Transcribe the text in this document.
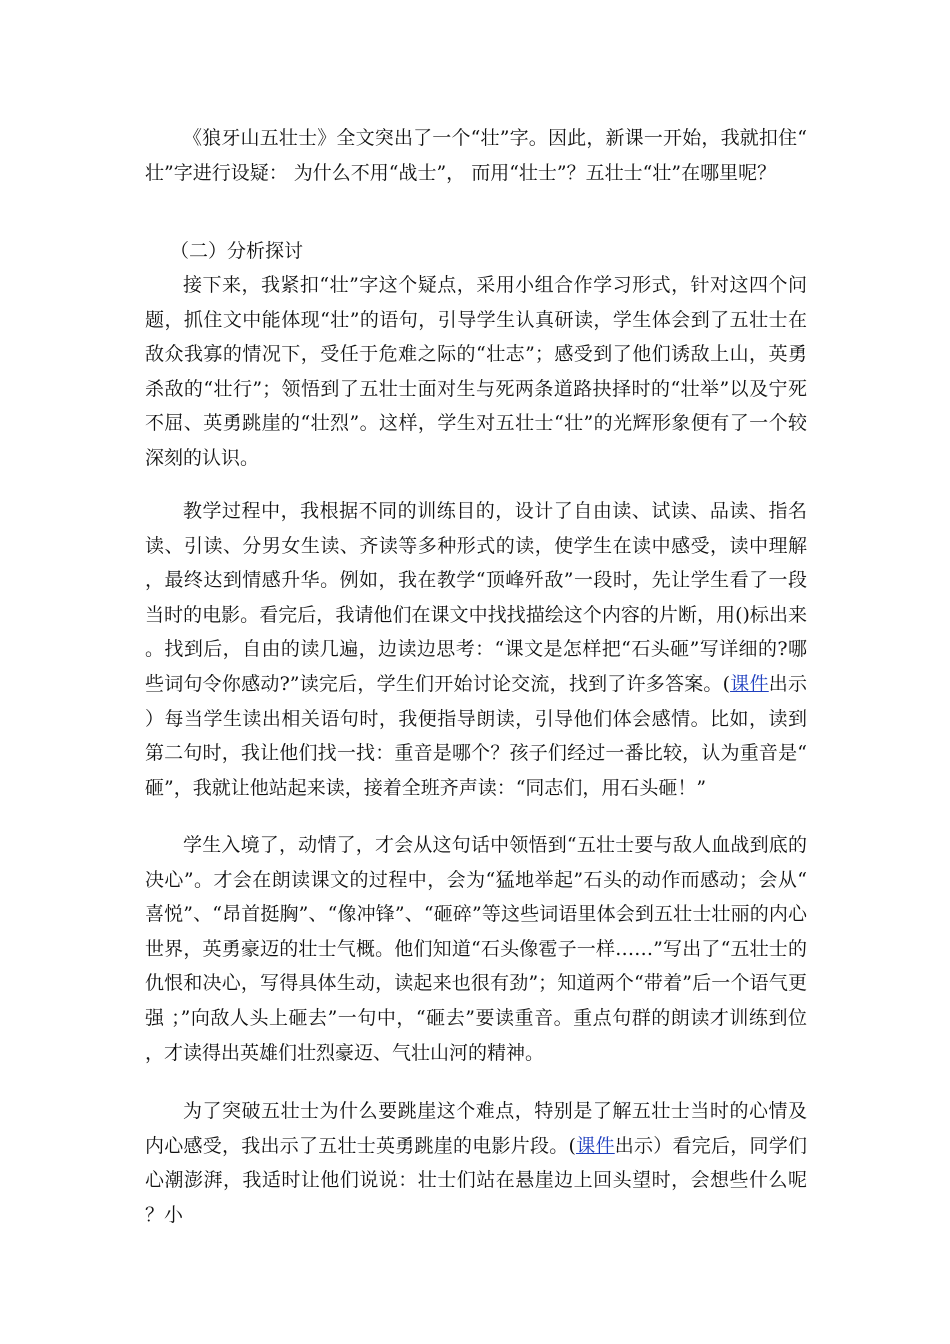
《狼牙山五壮士》全文突出了一个“壮”字。因此，新课一开始，我就扣住“壮”字进行设疑： 为什么不用“战士”， 而用“壮士”？五壮士“壮”在哪里呢？

（二）分析探讨

接下来，我紧扣“壮”字这个疑点，采用小组合作学习形式，针对这四个问题，抓住文中能体现“壮”的语句，引导学生认真研读，学生体会到了五壮士在敌众我寡的情况下，受任于危难之际的“壮志”；感受到了他们诱敌上山，英勇杀敌的“壮行”；领悟到了五壮士面对生与死两条道路抉择时的“壮举”以及宁死不屈、英勇跳崖的“壮烈”。这样，学生对五壮士“壮”的光辉形象便有了一个较深刻的认识。

教学过程中，我根据不同的训练目的，设计了自由读、试读、品读、指名读、引读、分男女生读、齐读等多种形式的读，使学生在读中感受，读中理解，最终达到情感升华。例如，我在教学“顶峰歼敌”一段时，先让学生看了一段当时的电影。看完后，我请他们在课文中找找描绘这个内容的片断，用()标出来。找到后，自由的读几遍，边读边思考：“课文是怎样把“石头砸”写详细的?哪些词句令你感动?”读完后，学生们开始讨论交流，找到了许多答案。(课件出示）每当学生读出相关语句时，我便指导朗读，引导他们体会感情。比如，读到第二句时，我让他们找一找：重音是哪个？孩子们经过一番比较，认为重音是“砸”，我就让他站起来读，接着全班齐声读：“同志们，用石头砸！”

学生入境了，动情了，才会从这句话中领悟到“五壮士要与敌人血战到底的决心”。才会在朗读课文的过程中，会为“猛地举起”石头的动作而感动；会从“喜悦”、“昂首挺胸”、“像冲锋”、“砸碎”等这些词语里体会到五壮士壮丽的内心世界，英勇豪迈的壮士气概。他们知道“石头像雹子一样……”写出了“五壮士的仇恨和决心，写得具体生动，读起来也很有劲”；知道两个“带着”后一个语气更强 ；”向敌人头上砸去”一句中，“砸去”要读重音。重点句群的朗读才训练到位，才读得出英雄们壮烈豪迈、气壮山河的精神。

为了突破五壮士为什么要跳崖这个难点，特别是了解五壮士当时的心情及内心感受，我出示了五壮士英勇跳崖的电影片段。(课件出示）看完后，同学们心潮澎湃，我适时让他们说说：壮士们站在悬崖边上回头望时，会想些什么呢？小
